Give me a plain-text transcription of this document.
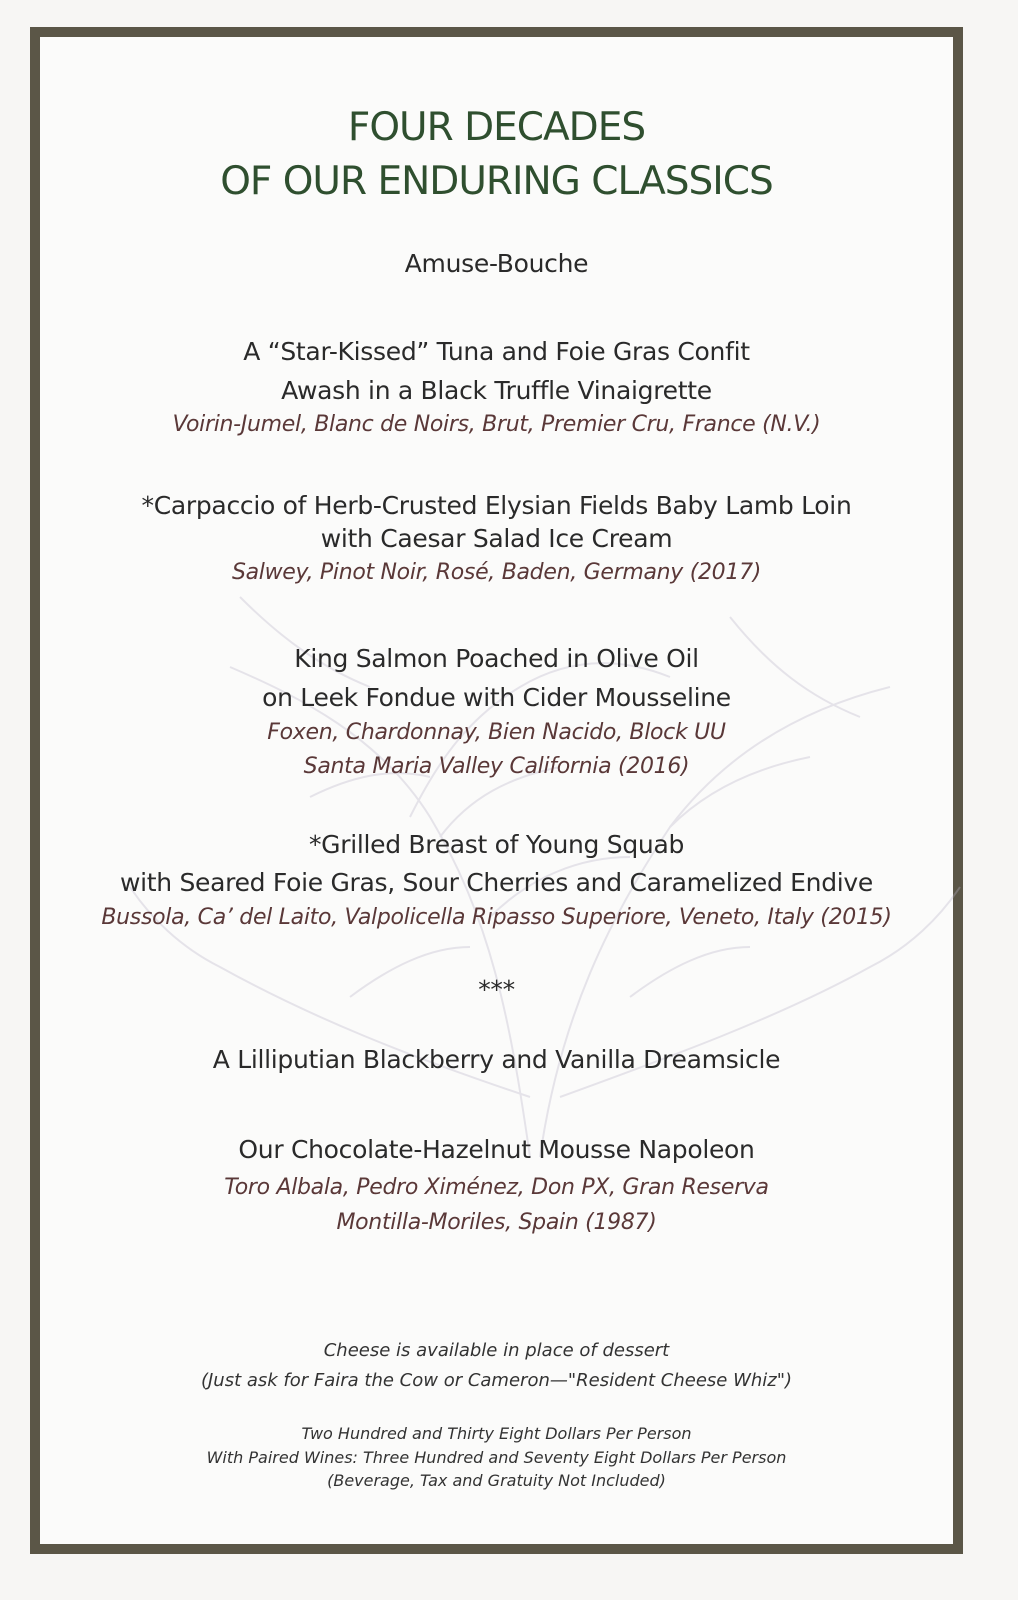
FOUR DECADES
OF OUR ENDURING CLASSICS
Amuse-Bouche
A “Star-Kissed” Tuna and Foie Gras Confit
Awash in a Black Truffle Vinaigrette
Voirin-Jumel, Blanc de Noirs, Brut, Premier Cru, France (N.V.)
*Carpaccio of Herb-Crusted Elysian Fields Baby Lamb Loin
with Caesar Salad Ice Cream
Salwey, Pinot Noir, Rosé, Baden, Germany (2017)
King Salmon Poached in Olive Oil
on Leek Fondue with Cider Mousseline
Foxen, Chardonnay, Bien Nacido, Block UU
Santa Maria Valley California (2016)
*Grilled Breast of Young Squab
with Seared Foie Gras, Sour Cherries and Caramelized Endive
Bussola, Ca’ del Laito, Valpolicella Ripasso Superiore, Veneto, Italy (2015)
***
A Lilliputian Blackberry and Vanilla Dreamsicle
Our Chocolate-Hazelnut Mousse Napoleon
Toro Albala, Pedro Ximénez, Don PX, Gran Reserva
Montilla-Moriles, Spain (1987)
Cheese is available in place of dessert
(Just ask for Faira the Cow or Cameron—"Resident Cheese Whiz")
Two Hundred and Thirty Eight Dollars Per Person
With Paired Wines: Three Hundred and Seventy Eight Dollars Per Person
(Beverage, Tax and Gratuity Not Included)
